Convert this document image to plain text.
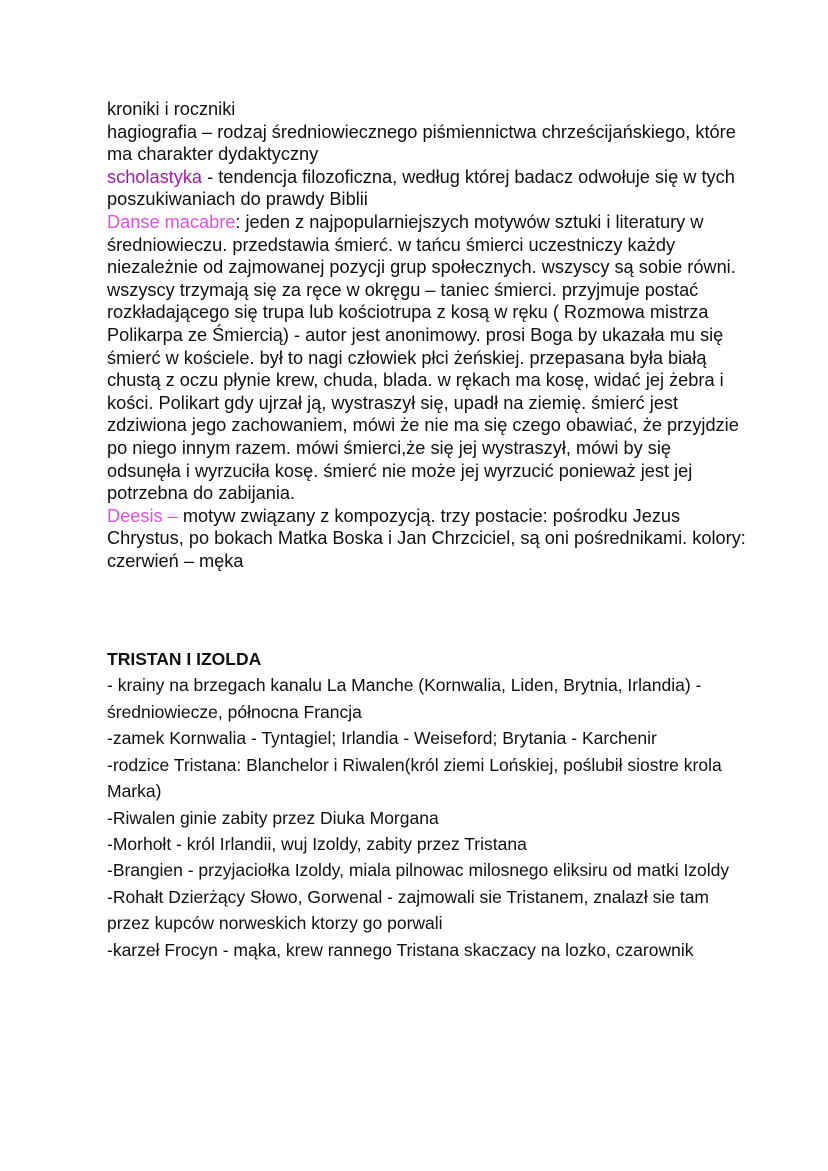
kroniki i roczniki

hagiografia – rodzaj średniowiecznego piśmiennictwa chrześcijańskiego, które ma charakter dydaktyczny

scholastyka - tendencja filozoficzna, według której badacz odwołuje się w tych poszukiwaniach do prawdy Biblii

Danse macabre: jeden z najpopularniejszych motywów sztuki i literatury w średniowieczu. przedstawia śmierć. w tańcu śmierci uczestniczy każdy niezależnie od zajmowanej pozycji grup społecznych. wszyscy są sobie równi. wszyscy trzymają się za ręce w okręgu – taniec śmierci. przyjmuje postać rozkładającego się trupa lub kościotrupa z kosą w ręku ( Rozmowa mistrza Polikarpa ze Śmiercią) - autor jest anonimowy. prosi Boga by ukazała mu się śmierć w kościele. był to nagi człowiek płci żeńskiej. przepasana była białą chustą z oczu płynie krew, chuda, blada. w rękach ma kosę, widać jej żebra i kości. Polikart gdy ujrzał ją, wystraszył się, upadł na ziemię. śmierć jest zdziwiona jego zachowaniem, mówi że nie ma się czego obawiać, że przyjdzie po niego innym razem. mówi śmierci,że się jej wystraszył, mówi by się odsunęła i wyrzuciła kosę. śmierć nie może jej wyrzucić ponieważ jest jej potrzebna do zabijania.

Deesis – motyw związany z kompozycją. trzy postacie: pośrodku Jezus Chrystus, po bokach Matka Boska i Jan Chrzciciel, są oni pośrednikami. kolory: czerwień – męka

TRISTAN I IZOLDA

- krainy na brzegach kanalu La Manche (Kornwalia, Liden, Brytnia, Irlandia) - średniowiecze, północna Francja

-zamek Kornwalia - Tyntagiel; Irlandia - Weiseford; Brytania - Karchenir

-rodzice Tristana: Blanchelor i Riwalen(król ziemi Lońskiej, poślubił siostre krola Marka)

-Riwalen ginie zabity przez Diuka Morgana

-Morhołt - król Irlandii, wuj Izoldy, zabity przez Tristana

-Brangien - przyjaciołka Izoldy, miala pilnowac milosnego eliksiru od matki Izoldy

-Rohałt Dzierżący Słowo, Gorwenal - zajmowali sie Tristanem, znalazł sie tam przez kupców norweskich ktorzy go porwali

-karzeł Frocyn - mąka, krew rannego Tristana skaczacy na lozko, czarownik
